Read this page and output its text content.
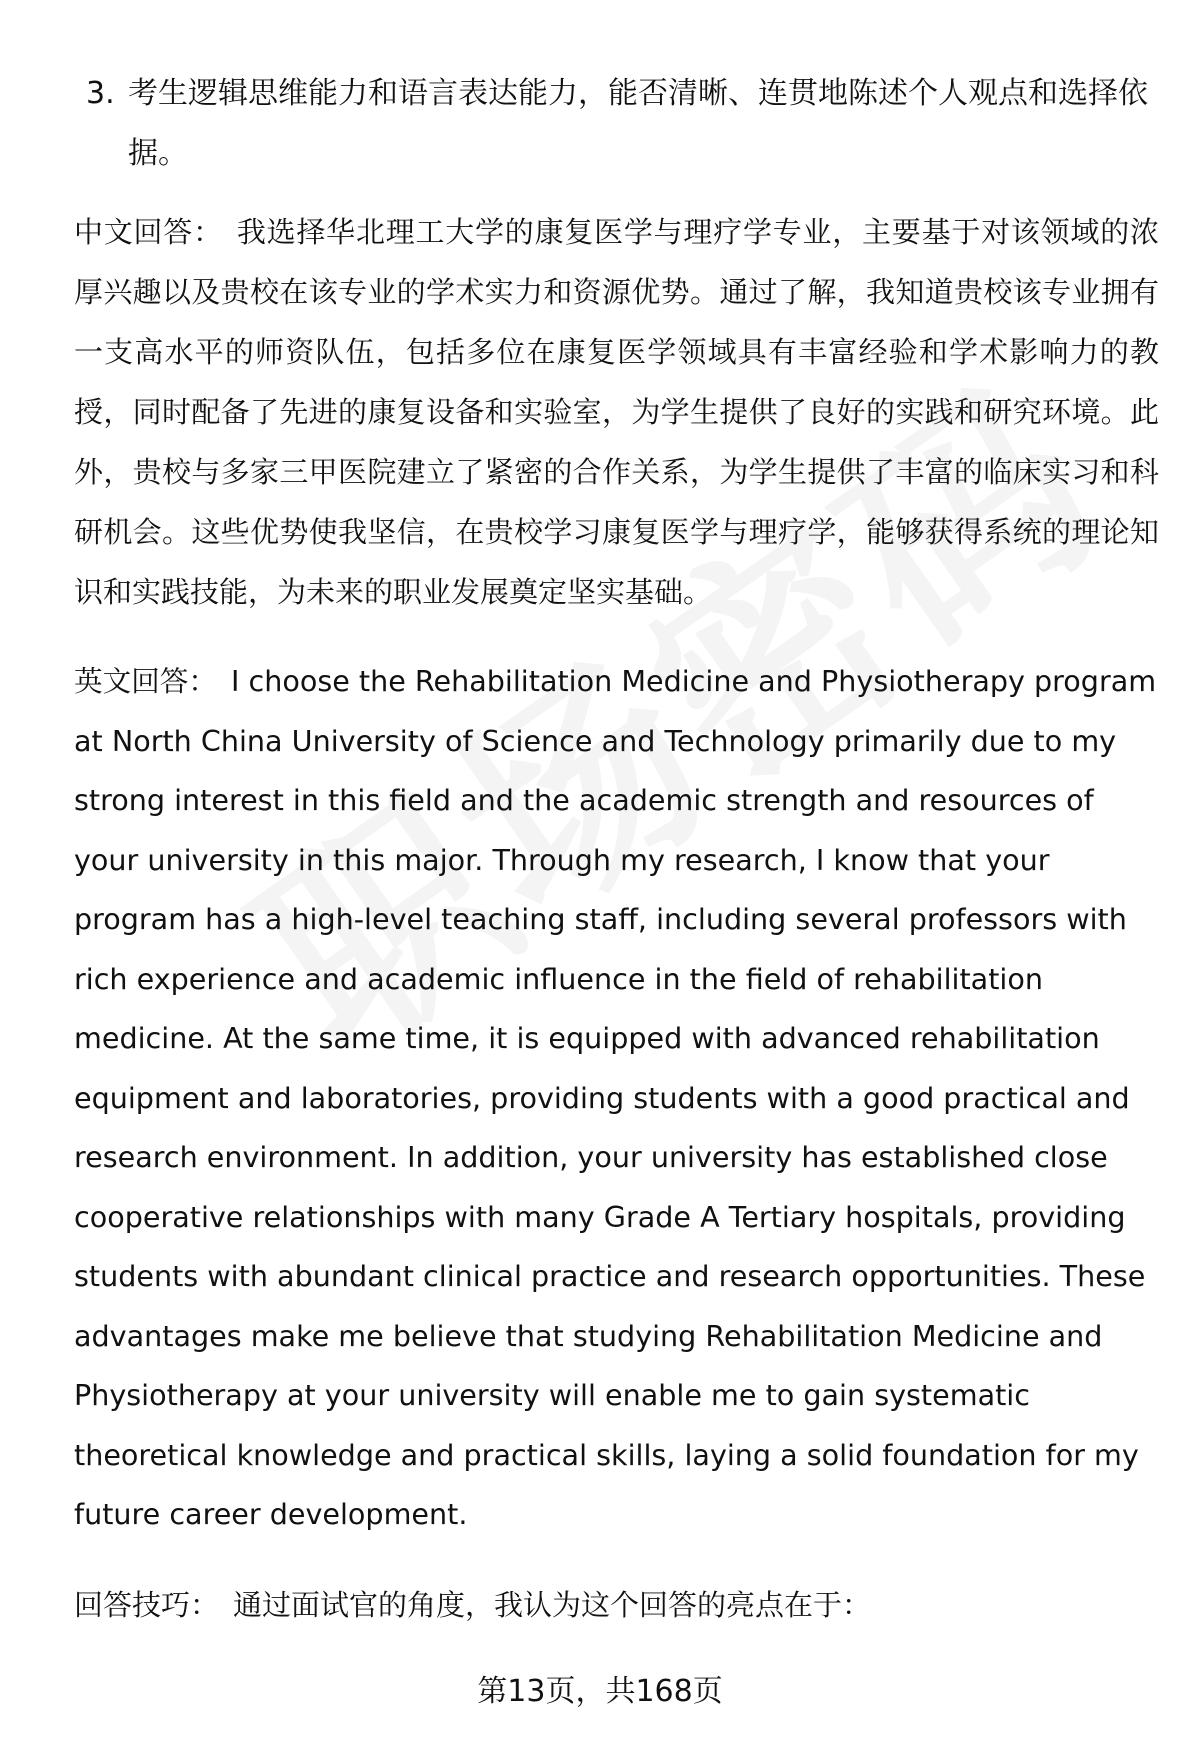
3. 考生逻辑思维能力和语言表达能力，能否清晰、连贯地陈述个人观点和选择依据。

中文回答： 我选择华北理工大学的康复医学与理疗学专业，主要基于对该领域的浓厚兴趣以及贵校在该专业的学术实力和资源优势。通过了解，我知道贵校该专业拥有一支高水平的师资队伍，包括多位在康复医学领域具有丰富经验和学术影响力的教授，同时配备了先进的康复设备和实验室，为学生提供了良好的实践和研究环境。此外，贵校与多家三甲医院建立了紧密的合作关系，为学生提供了丰富的临床实习和科研机会。这些优势使我坚信，在贵校学习康复医学与理疗学，能够获得系统的理论知识和实践技能，为未来的职业发展奠定坚实基础。

英文回答： I choose the Rehabilitation Medicine and Physiotherapy program at North China University of Science and Technology primarily due to my strong interest in this field and the academic strength and resources of your university in this major. Through my research, I know that your program has a high-level teaching staff, including several professors with rich experience and academic influence in the field of rehabilitation medicine. At the same time, it is equipped with advanced rehabilitation equipment and laboratories, providing students with a good practical and research environment. In addition, your university has established close cooperative relationships with many Grade A Tertiary hospitals, providing students with abundant clinical practice and research opportunities. These advantages make me believe that studying Rehabilitation Medicine and Physiotherapy at your university will enable me to gain systematic theoretical knowledge and practical skills, laying a solid foundation for my future career development.

回答技巧： 通过面试官的角度，我认为这个回答的亮点在于：

第13页，共168页
